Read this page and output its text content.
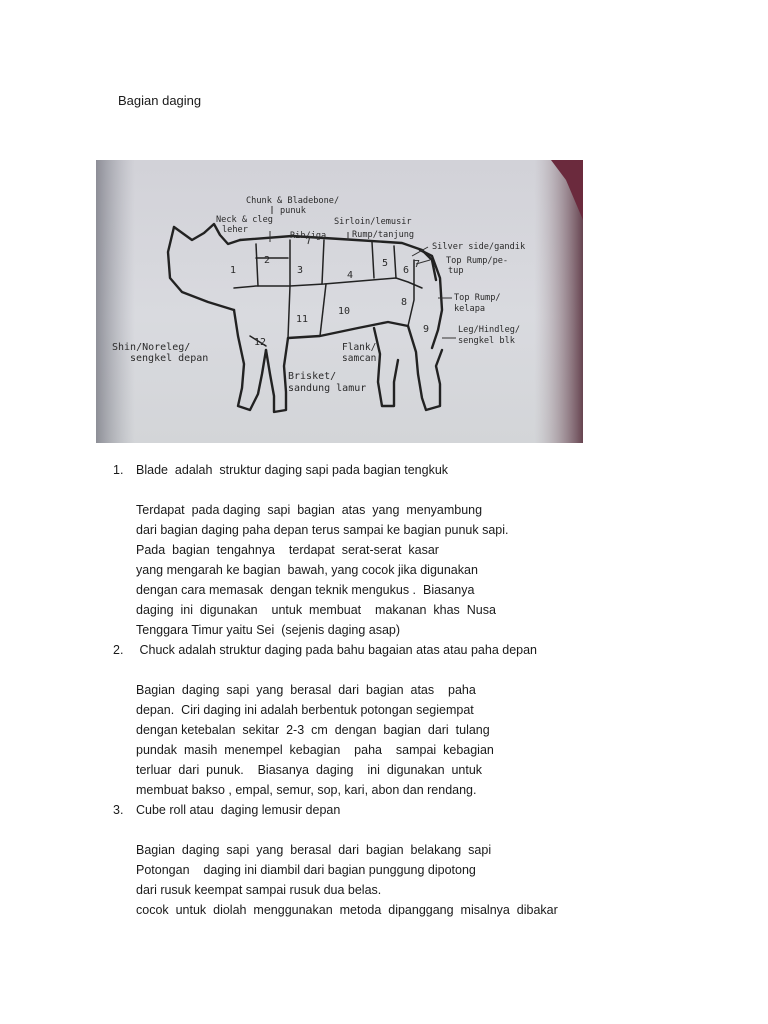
Bagian daging
1
2
3	4
5
6
7
8
9
10
11
12
Chunk & Bladebone/
punuk
Neck & cleg
leher
Sirloin/lemusir
Rib/iga	Rump/tanjung
Silver side/gandik
Top Rump/pe-
tup
Top Rump/
kelapa
Leg/Hindleg/
sengkel blk
Shin/Noreleg/
sengkel depan
Flank/
samcan
Brisket/
sandung lamur
1. Blade  adalah  struktur daging sapi pada bagian tengkuk
Terdapat  pada daging  sapi  bagian  atas  yang  menyambung
dari bagian daging paha depan terus sampai ke bagian punuk sapi.
Pada  bagian  tengahnya    terdapat  serat-serat  kasar
yang mengarah ke bagian  bawah, yang cocok jika digunakan
dengan cara memasak  dengan teknik mengukus .  Biasanya
daging  ini  digunakan    untuk  membuat    makanan  khas  Nusa
Tenggara Timur yaitu Sei  (sejenis daging asap)
2. Chuck adalah struktur daging pada bahu bagaian atas atau paha depan
Bagian  daging  sapi  yang  berasal  dari  bagian  atas    paha
depan.  Ciri daging ini adalah berbentuk potongan segiempat
dengan ketebalan  sekitar  2-3  cm  dengan  bagian  dari  tulang
pundak  masih  menempel  kebagian    paha    sampai  kebagian
terluar  dari  punuk.    Biasanya  daging    ini  digunakan  untuk
membuat bakso , empal, semur, sop, kari, abon dan rendang.
3. Cube roll atau  daging lemusir depan
Bagian  daging  sapi  yang  berasal  dari  bagian  belakang  sapi
Potongan    daging ini diambil dari bagian punggung dipotong
dari rusuk keempat sampai rusuk dua belas.
cocok  untuk  diolah  menggunakan  metoda  dipanggang  misalnya  dibakar
